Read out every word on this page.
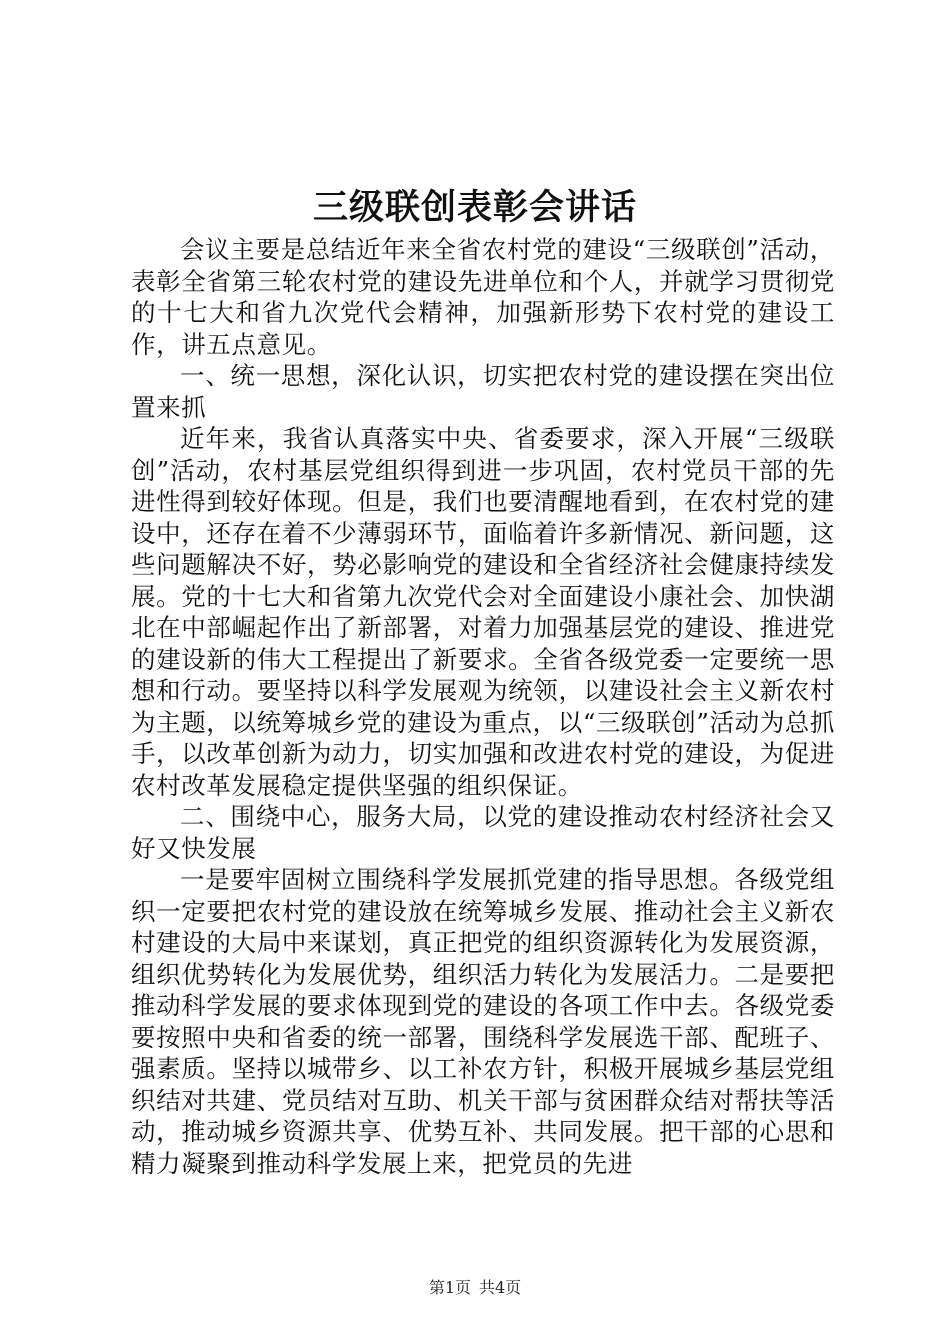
三级联创表彰会讲话

会议主要是总结近年来全省农村党的建设“三级联创”活动，表彰全省第三轮农村党的建设先进单位和个人，并就学习贯彻党的十七大和省九次党代会精神，加强新形势下农村党的建设工作，讲五点意见。

一、统一思想，深化认识，切实把农村党的建设摆在突出位置来抓

近年来，我省认真落实中央、省委要求，深入开展“三级联创”活动，农村基层党组织得到进一步巩固，农村党员干部的先进性得到较好体现。但是，我们也要清醒地看到，在农村党的建设中，还存在着不少薄弱环节，面临着许多新情况、新问题，这些问题解决不好，势必影响党的建设和全省经济社会健康持续发展。党的十七大和省第九次党代会对全面建设小康社会、加快湖北在中部崛起作出了新部署，对着力加强基层党的建设、推进党的建设新的伟大工程提出了新要求。全省各级党委一定要统一思想和行动。要坚持以科学发展观为统领，以建设社会主义新农村为主题，以统筹城乡党的建设为重点，以“三级联创”活动为总抓手，以改革创新为动力，切实加强和改进农村党的建设，为促进农村改革发展稳定提供坚强的组织保证。

二、围绕中心，服务大局，以党的建设推动农村经济社会又好又快发展

一是要牢固树立围绕科学发展抓党建的指导思想。各级党组织一定要把农村党的建设放在统筹城乡发展、推动社会主义新农村建设的大局中来谋划，真正把党的组织资源转化为发展资源，组织优势转化为发展优势，组织活力转化为发展活力。二是要把推动科学发展的要求体现到党的建设的各项工作中去。各级党委要按照中央和省委的统一部署，围绕科学发展选干部、配班子、强素质。坚持以城带乡、以工补农方针，积极开展城乡基层党组织结对共建、党员结对互助、机关干部与贫困群众结对帮扶等活动，推动城乡资源共享、优势互补、共同发展。把干部的心思和精力凝聚到推动科学发展上来，把党员的先进

第1页 共4页
